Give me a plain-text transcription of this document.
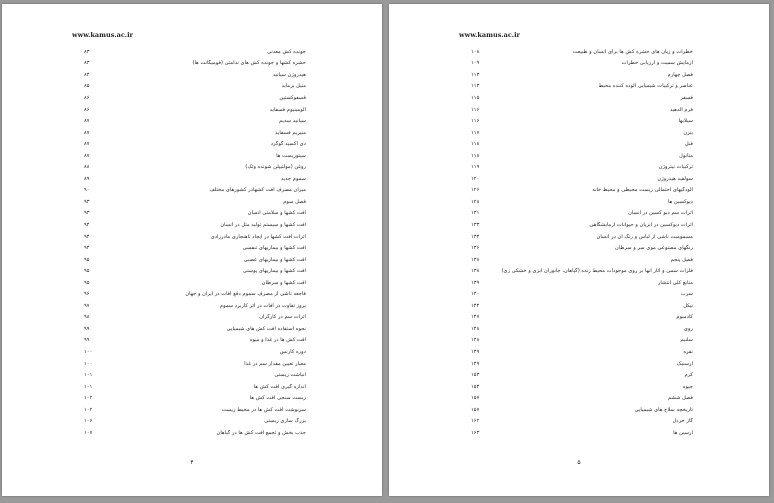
www.kamus.ac.ir
۸۳	جونده کش معدنی
۸۳	حشره کشها و جونده کش های ندامتی (فومیگانت ها)
۸۴	هیدروژن سیانید
۸۵	متیل برماید
۸۶	فسفوکستین
۸۶	آلومینیوم فسفاید
۸۷	سیانید سدیم
۸۷	منیزیم فسفاید
۸۷	دی اکسید گوگرد
۸۷	سیتوزیست ها
۸۸	روغن (مولتیپلن شونده وثک)
۸۹	سموم جدید
۹۰	میزان مصرف آفت کشهادر کشورهای مختلف
۹۳	فصل سوم
۹۳	آفت کشها و سلامتی انسان
۹۴	آفت کشها و سیستم تولید مثل در انسان
۹۴	اثرات آفت کشها در ایجاد ناهنجاری مادرزادی
۹۴	آفت کشها و بیماریهای تنفسی
۹۵	آفت کشها و بیماریهای عصبی
۹۵	آفت کشها و بیماریهای پوستی
۹۵	آفت کشها و سرطان
۹۶	فاجعه ناشی از مصرف سموم دفع آفات در ایران و جهان
۹۷	بروز تفاوت در آفات در اثر کاربرد سموم
۹۸	اثرات سم در کارگران
۹۹	نحوه استفاده آفت کش های شیمیایی
۹۹	آفت کش ها در غذا و میوه
۱۰۰	دوره کارنس
۱۰۰	معیار تعیین مقدار سم در غذا
۱۰۱	انباشت زیستی
۱۰۱	اندازه گیری آفت کش ها
۱۰۲	زیست سنجی آفت کش ها
۱۰۲	سرنوشت آفت کش ها در محیط زیست
۱۰۶	بزرگ سازی زیستی
۱۰۷	جذب بخش و تجمع آفت کش ها در گیاهان
۴
www.kamus.ac.ir
۱۰۸	خطرات و زیان های حشره کش ها برای انسان و طبیعت
۱۰۹	آزمایش سمیت و ارزیابی خطرات
۱۱۳	فصل چهارم
۱۱۳	عناصر و ترکیبات شیمیایی آلوده کننده محیط
۱۱۵	فسفر
۱۱۶	فرم آلدهید
۱۱۶	سیلابها
۱۱۷	بنزن
۱۱۸	فنل
۱۱۸	متانول
۱۱۹	ترکیبات نیتروژن
۱۲۰	سولفید هیدروژن
۱۲۶	آلودگیهای احتمالی زیست محیطی و محیط خانه
۱۲۸	دیوکسین ها
۱۳۱	اثرات سم دیو کسین در انسان
۱۳۳	اثرات دیوکسین در آبزیان و حیوانات آزمایشگاهی
۱۳۴	مسمومیت ناشی از لباس و رنگ آن در انسان
۱۳۶	رنگهای مصنوعی موی سر و سرطان
۱۳۸	فصل پنجم
۱۳۸	فلزات سمی و آثار آنها بر روی موجودات محیط زنده (گیاهان، جانوران آبزی و خشکی زی)
۱۳۹	منابع کلی انتشار
۱۴۰	سرب
۱۴۴	نیکل
۱۴۷	کادمیوم
۱۴۸	روی
۱۴۸	سلنیم
۱۴۹	نقره
۱۴۹	آرسنیک
۱۵۳	کرم
۱۵۴	جیوه
۱۵۷	فصل ششم
۱۵۷	تاریخچه سلاح های شیمیایی
۱۶۲	گاز خردل
۱۶۳	آرسین ها
۵
